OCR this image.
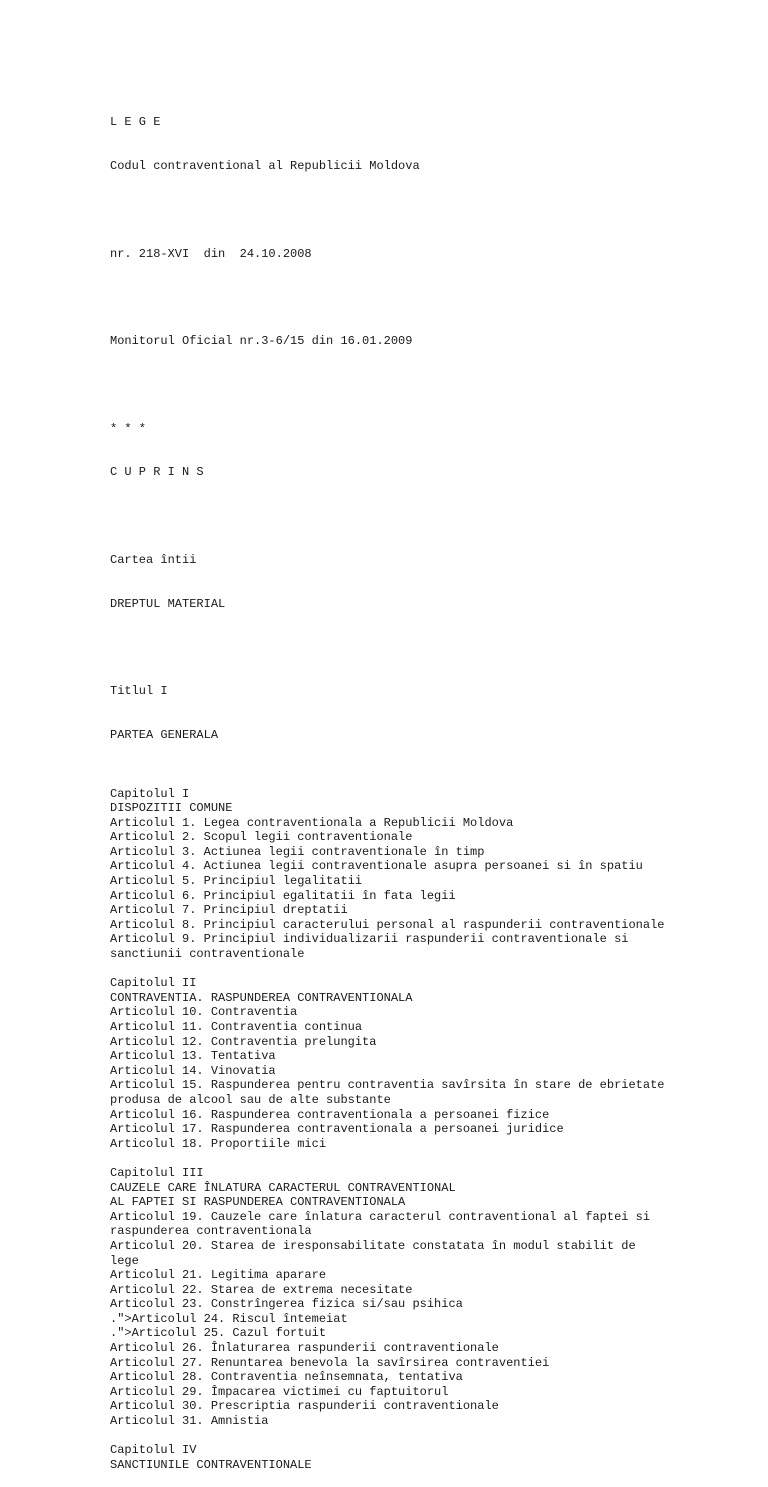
L E G E

Codul contraventional al Republicii Moldova

nr. 218-XVI  din  24.10.2008

Monitorul Oficial nr.3-6/15 din 16.01.2009

* * *

C U P R I N S

Cartea întii

DREPTUL MATERIAL

Titlul I

PARTEA GENERALA

Capitolul I
DISPOZITII COMUNE
Articolul 1. Legea contraventionala a Republicii Moldova
Articolul 2. Scopul legii contraventionale
Articolul 3. Actiunea legii contraventionale în timp
Articolul 4. Actiunea legii contraventionale asupra persoanei si în spatiu
Articolul 5. Principiul legalitatii
Articolul 6. Principiul egalitatii în fata legii
Articolul 7. Principiul dreptatii
Articolul 8. Principiul caracterului personal al raspunderii contraventionale
Articolul 9. Principiul individualizarii raspunderii contraventionale si
sanctiunii contraventionale
Capitolul II
CONTRAVENTIA. RASPUNDEREA CONTRAVENTIONALA
Articolul 10. Contraventia
Articolul 11. Contraventia continua
Articolul 12. Contraventia prelungita
Articolul 13. Tentativa
Articolul 14. Vinovatia
Articolul 15. Raspunderea pentru contraventia savîrsita în stare de ebrietate
produsa de alcool sau de alte substante
Articolul 16. Raspunderea contraventionala a persoanei fizice
Articolul 17. Raspunderea contraventionala a persoanei juridice
Articolul 18. Proportiile mici
Capitolul III
CAUZELE CARE ÎNLATURA CARACTERUL CONTRAVENTIONAL
AL FAPTEI SI RASPUNDEREA CONTRAVENTIONALA
Articolul 19. Cauzele care înlatura caracterul contraventional al faptei si
raspunderea contraventionala
Articolul 20. Starea de iresponsabilitate constatata în modul stabilit de
lege
Articolul 21. Legitima aparare
Articolul 22. Starea de extrema necesitate
Articolul 23. Constrîngerea fizica si/sau psihica
.">Articolul 24. Riscul întemeiat
.">Articolul 25. Cazul fortuit
Articolul 26. Înlaturarea raspunderii contraventionale
Articolul 27. Renuntarea benevola la savîrsirea contraventiei
Articolul 28. Contraventia neînsemnata, tentativa
Articolul 29. Împacarea victimei cu faptuitorul
Articolul 30. Prescriptia raspunderii contraventionale
Articolul 31. Amnistia
Capitolul IV
SANCTIUNILE CONTRAVENTIONALE
